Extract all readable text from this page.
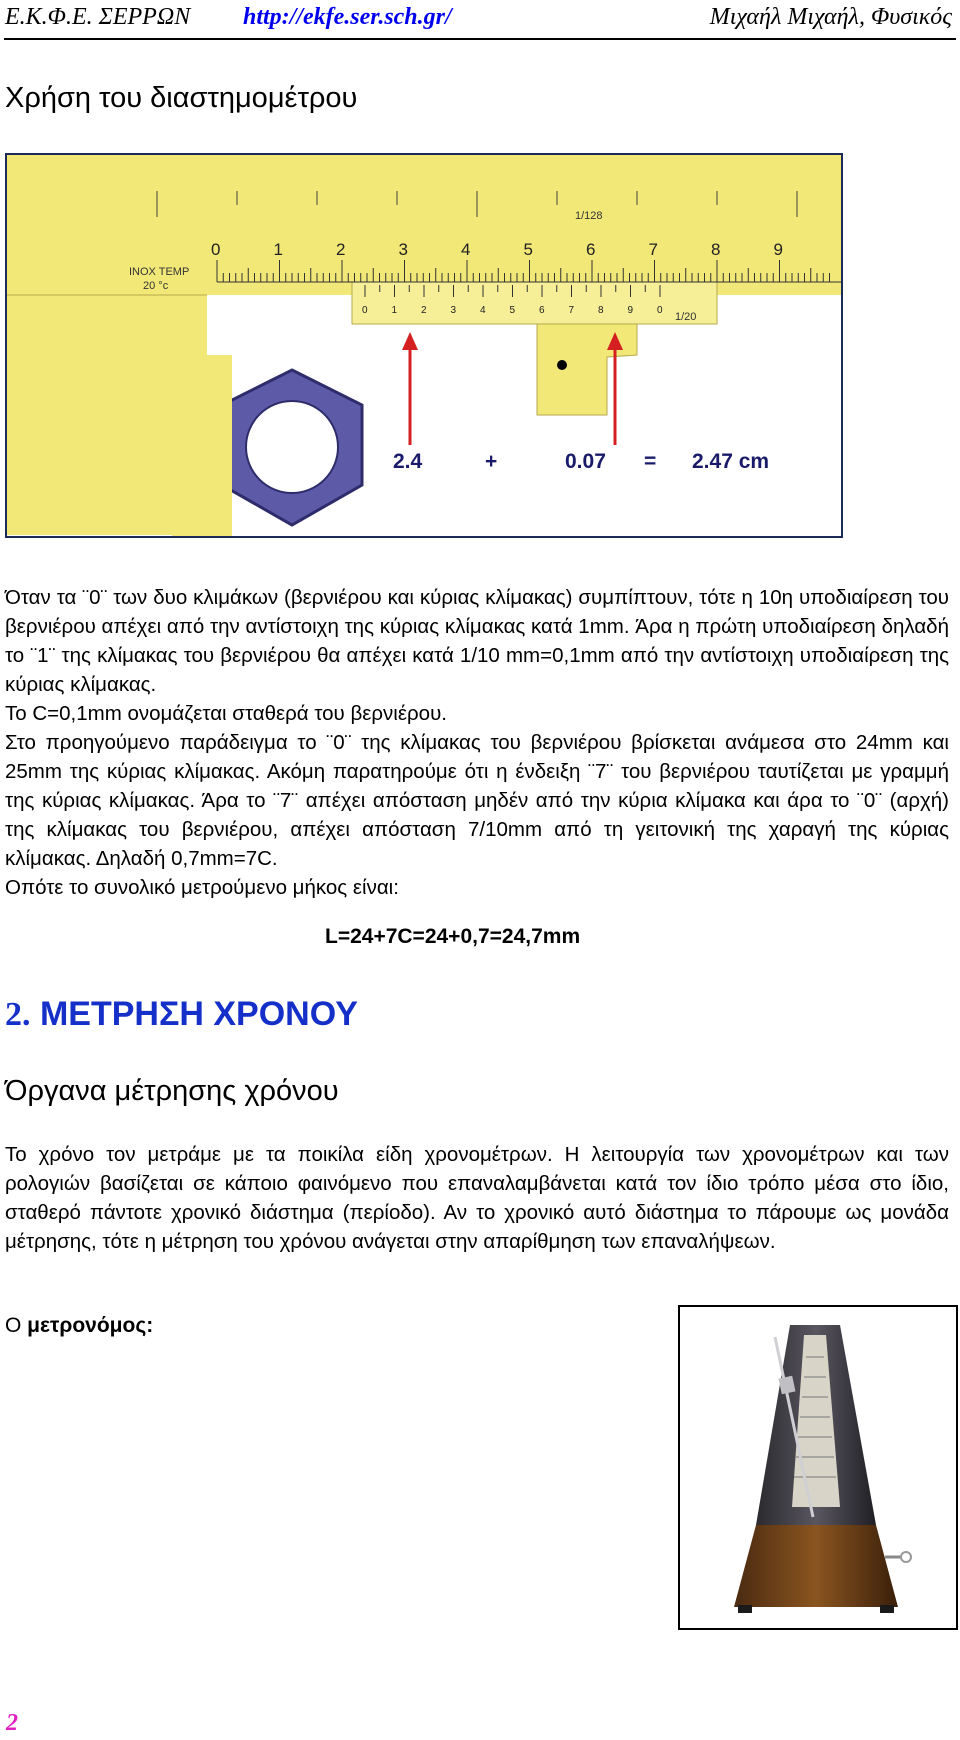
Ε.Κ.Φ.Ε. ΣΕΡΡΩΝ http://ekfe.ser.sch.gr/	Μιχαήλ Μιχαήλ, Φυσικός
Χρήση του διαστημομέτρου
1/128
INOX TEMP
20 °c
0	1	2	3	4	5	6	7	8	9
0 1 2 3 4 5 6 7 8 9 0
1/20
2.4	+	0.07 = 2.47 cm

Όταν τα ¨0¨ των δυο κλιμάκων (βερνιέρου και κύριας κλίμακας) συμπίπτουν, τότε η 10η υποδιαίρεση του βερνιέρου απέχει από την αντίστοιχη της κύριας κλίμακας κατά 1mm. Άρα η πρώτη υποδιαίρεση δηλαδή το ¨1¨ της κλίμακας του βερνιέρου θα απέχει κατά 1/10 mm=0,1mm από την αντίστοιχη υποδιαίρεση της κύριας κλίμακας.

Το C=0,1mm ονομάζεται σταθερά του βερνιέρου.

Στο προηγούμενο παράδειγμα το ¨0¨ της κλίμακας του βερνιέρου βρίσκεται ανάμεσα στο 24mm και 25mm της κύριας κλίμακας. Ακόμη παρατηρούμε ότι η ένδειξη ¨7¨ του βερνιέρου ταυτίζεται με γραμμή της κύριας κλίμακας. Άρα το ¨7¨ απέχει απόσταση μηδέν από την κύρια κλίμακα και άρα το ¨0¨ (αρχή) της κλίμακας του βερνιέρου, απέχει απόσταση 7/10mm από τη γειτονική της χαραγή της κύριας κλίμακας. Δηλαδή 0,7mm=7C.

Οπότε το συνολικό μετρούμενο μήκος είναι:

L=24+7C=24+0,7=24,7mm
2. ΜΕΤΡΗΣΗ ΧΡΟΝΟΥ
Όργανα μέτρησης χρόνου
Το χρόνο τον μετράμε με τα ποικίλα είδη χρονομέτρων. Η λειτουργία των χρονομέτρων και των ρολογιών βασίζεται σε κάποιο φαινόμενο που επαναλαμβάνεται κατά τον ίδιο τρόπο μέσα στο ίδιο, σταθερό πάντοτε χρονικό διάστημα (περίοδο). Αν το χρονικό αυτό διάστημα το πάρουμε ως μονάδα μέτρησης, τότε η μέτρηση του χρόνου ανάγεται στην απαρίθμηση των επαναλήψεων.
Ο μετρονόμος:
2
